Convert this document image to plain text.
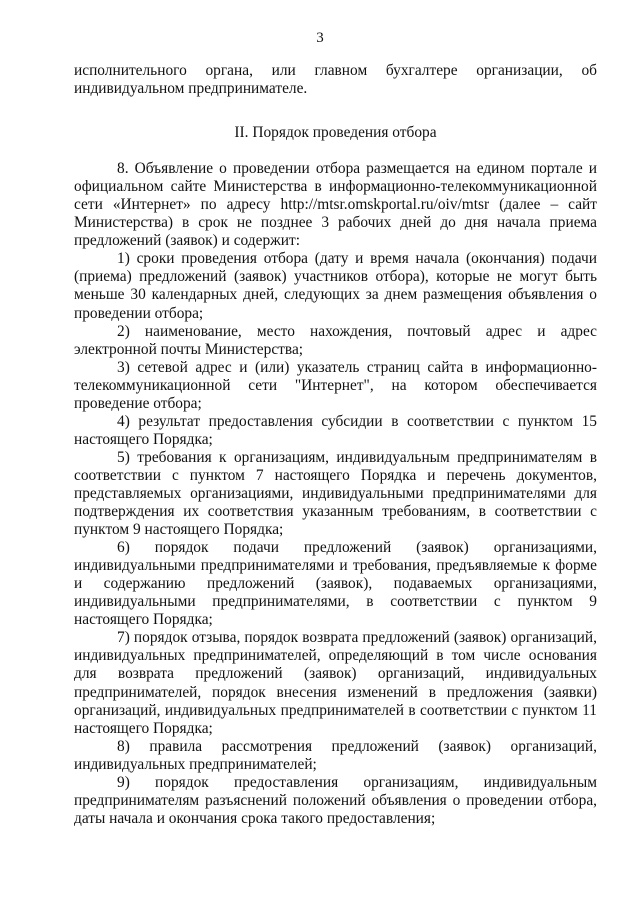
3

исполнительного органа, или главном бухгалтере организации, об индивидуальном предпринимателе.

II. Порядок проведения отбора

8. Объявление о проведении отбора размещается на едином портале и официальном сайте Министерства в информационно-телекоммуникационной сети «Интернет» по адресу http://mtsr.omskportal.ru/oiv/mtsr (далее – сайт Министерства) в срок не позднее 3 рабочих дней до дня начала приема предложений (заявок) и содержит:

1) сроки проведения отбора (дату и время начала (окончания) подачи (приема) предложений (заявок) участников отбора), которые не могут быть меньше 30 календарных дней, следующих за днем размещения объявления о проведении отбора;

2) наименование, место нахождения, почтовый адрес и адрес электронной почты Министерства;

3) сетевой адрес и (или) указатель страниц сайта в информационно-телекоммуникационной сети "Интернет", на котором обеспечивается проведение отбора;

4) результат предоставления субсидии в соответствии с пунктом 15 настоящего Порядка;

5) требования к организациям, индивидуальным предпринимателям в соответствии с пунктом 7 настоящего Порядка и перечень документов, представляемых организациями, индивидуальными предпринимателями для подтверждения их соответствия указанным требованиям, в соответствии с пунктом 9 настоящего Порядка;

6) порядок подачи предложений (заявок) организациями, индивидуальными предпринимателями и требования, предъявляемые к форме и содержанию предложений (заявок), подаваемых организациями, индивидуальными предпринимателями, в соответствии с пунктом 9 настоящего Порядка;

7) порядок отзыва, порядок возврата предложений (заявок) организаций, индивидуальных предпринимателей, определяющий в том числе основания для возврата предложений (заявок) организаций, индивидуальных предпринимателей, порядок внесения изменений в предложения (заявки) организаций, индивидуальных предпринимателей в соответствии с пунктом 11 настоящего Порядка;

8) правила рассмотрения предложений (заявок) организаций, индивидуальных предпринимателей;

9) порядок предоставления организациям, индивидуальным предпринимателям разъяснений положений объявления о проведении отбора, даты начала и окончания срока такого предоставления;
